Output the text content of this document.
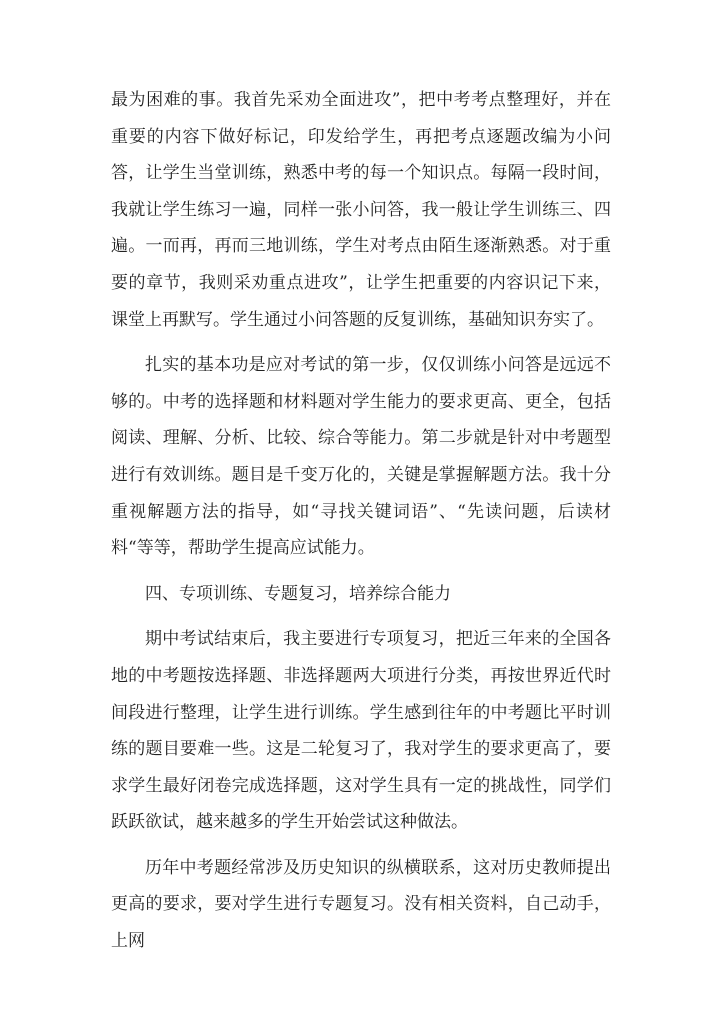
最为困难的事。我首先采劝全面进攻”，把中考考点整理好，并在重要的内容下做好标记，印发给学生，再把考点逐题改编为小问答，让学生当堂训练，熟悉中考的每一个知识点。每隔一段时间，我就让学生练习一遍，同样一张小问答，我一般让学生训练三、四遍。一而再，再而三地训练，学生对考点由陌生逐渐熟悉。对于重要的章节，我则采劝重点进攻”，让学生把重要的内容识记下来，课堂上再默写。学生通过小问答题的反复训练，基础知识夯实了。

扎实的基本功是应对考试的第一步，仅仅训练小问答是远远不够的。中考的选择题和材料题对学生能力的要求更高、更全，包括阅读、理解、分析、比较、综合等能力。第二步就是针对中考题型进行有效训练。题目是千变万化的，关键是掌握解题方法。我十分重视解题方法的指导，如“寻找关键词语”、“先读问题，后读材料“等等，帮助学生提高应试能力。

四、专项训练、专题复习，培养综合能力

期中考试结束后，我主要进行专项复习，把近三年来的全国各地的中考题按选择题、非选择题两大项进行分类，再按世界近代时间段进行整理，让学生进行训练。学生感到往年的中考题比平时训练的题目要难一些。这是二轮复习了，我对学生的要求更高了，要求学生最好闭卷完成选择题，这对学生具有一定的挑战性，同学们跃跃欲试，越来越多的学生开始尝试这种做法。

历年中考题经常涉及历史知识的纵横联系，这对历史教师提出更高的要求，要对学生进行专题复习。没有相关资料，自己动手，上网
